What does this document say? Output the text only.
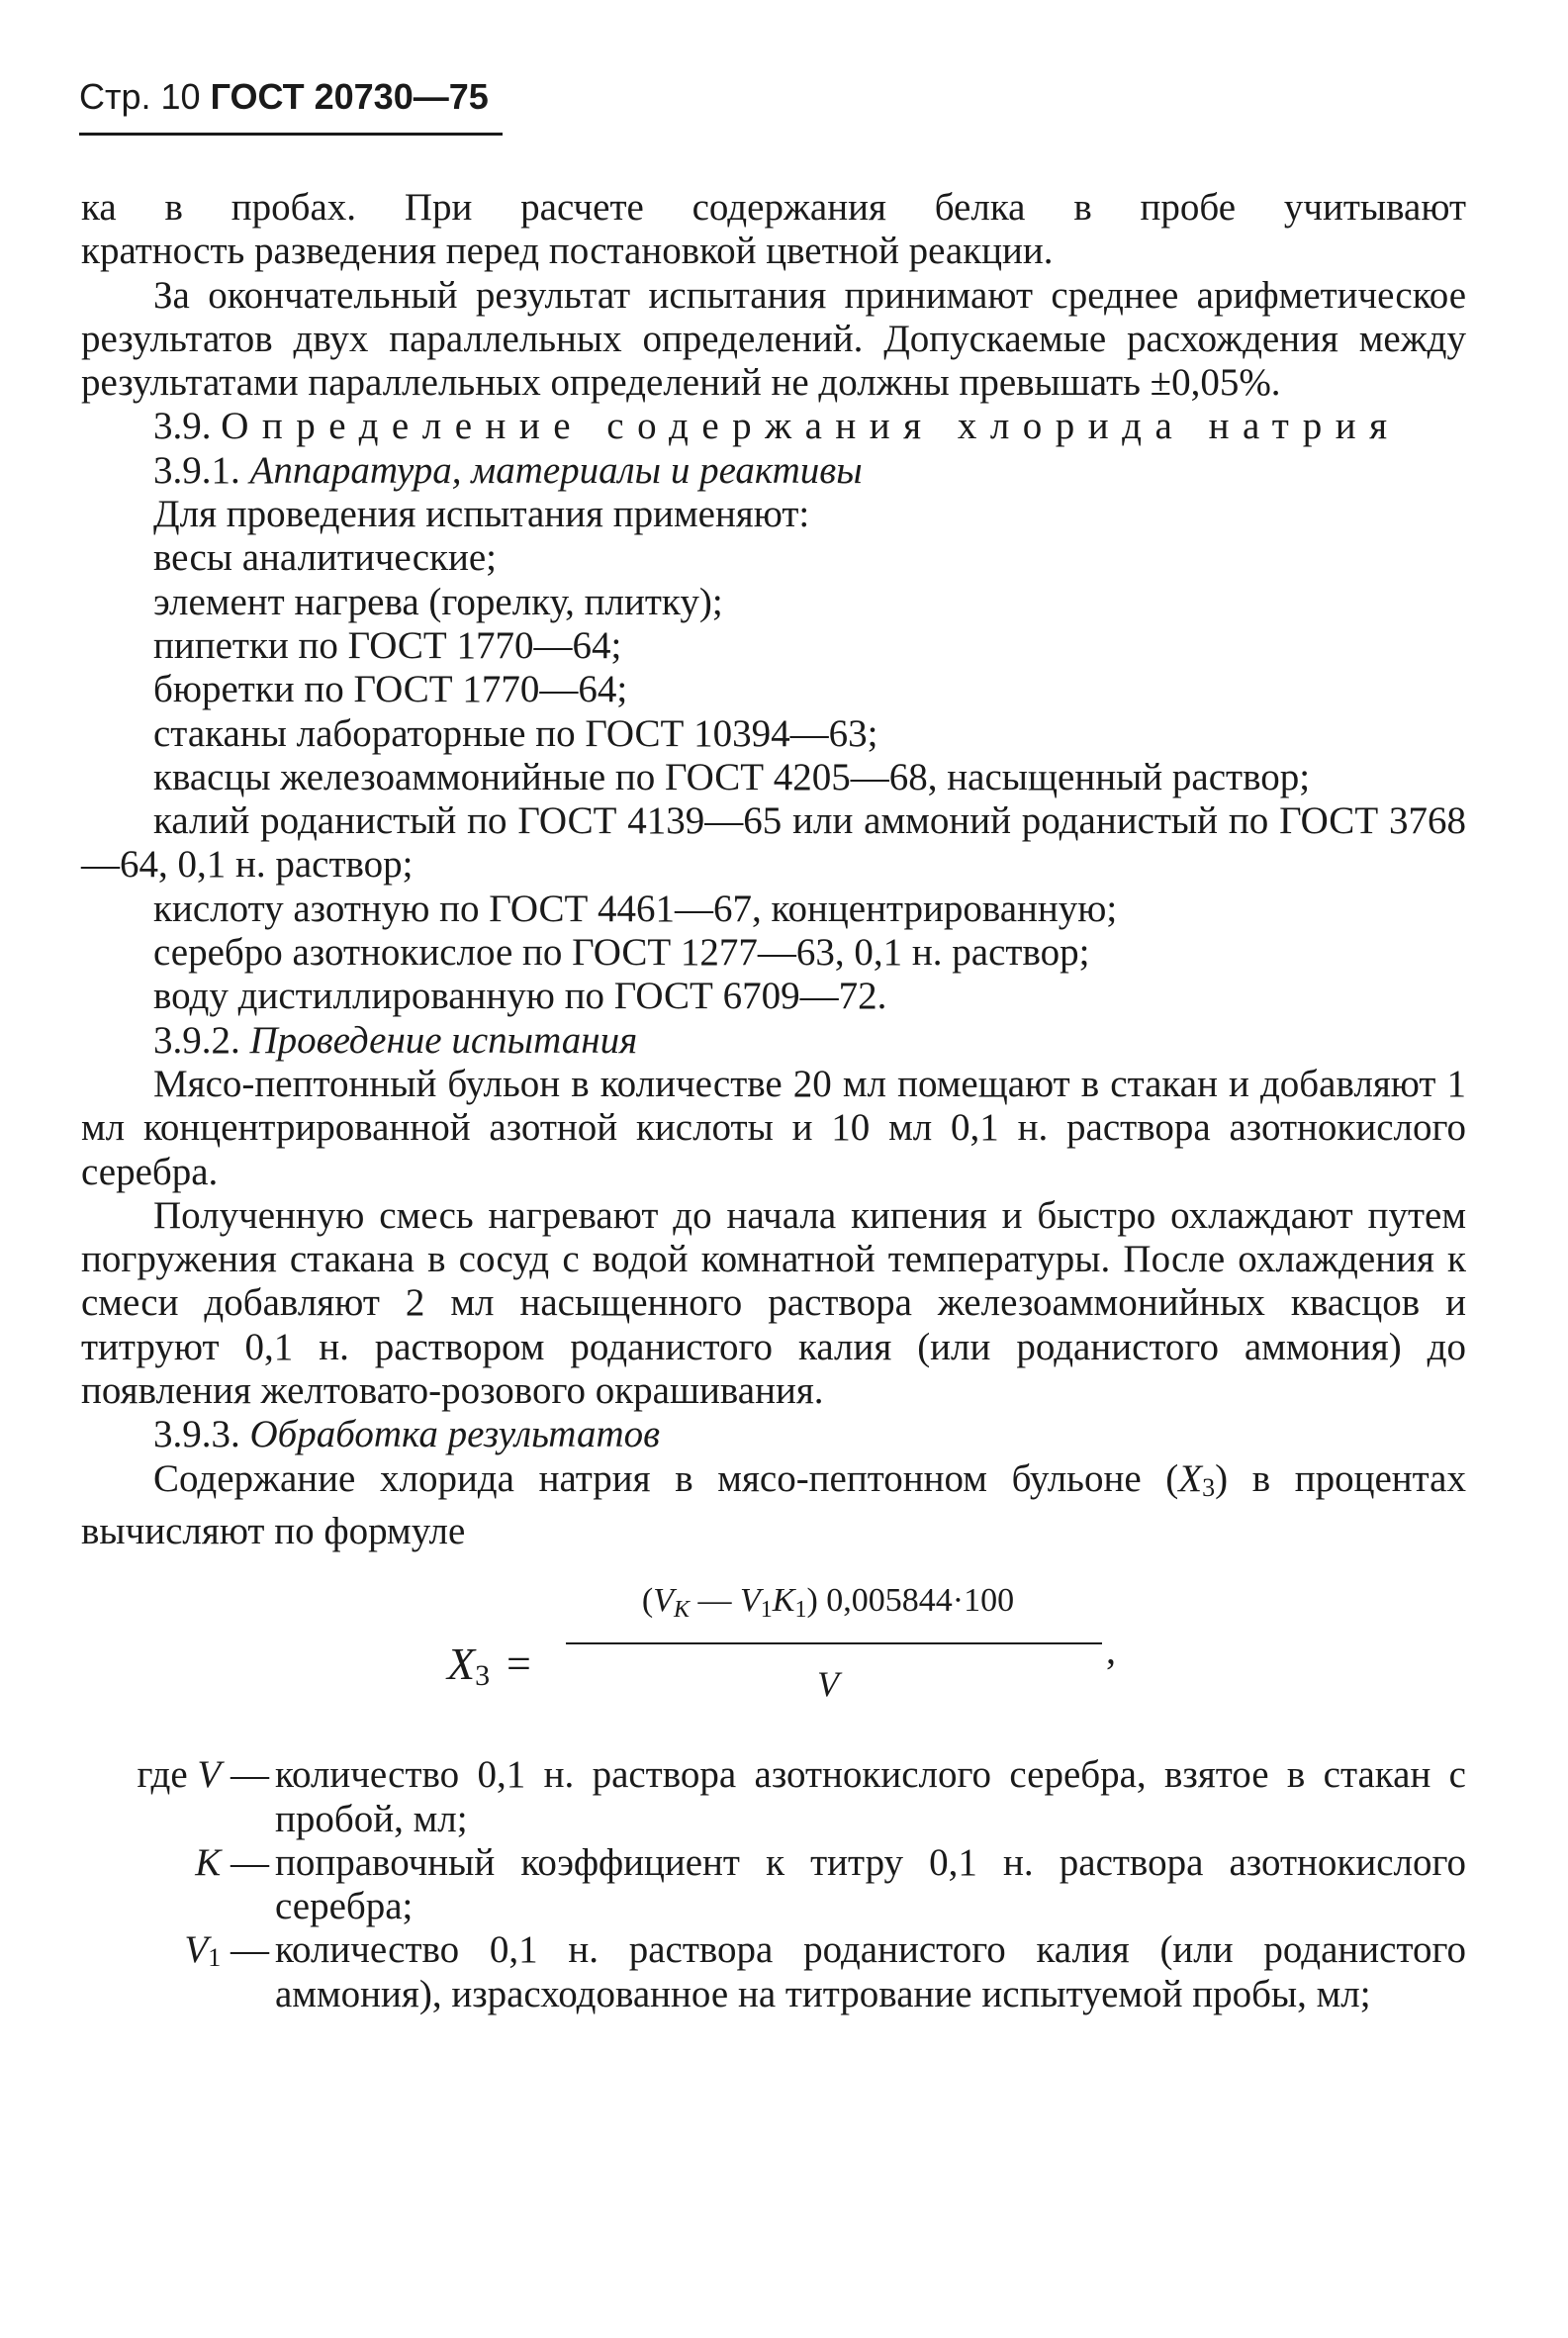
Стр. 10 ГОСТ 20730—75

ка в пробах. При расчете содержания белка в пробе учитывают

кратность разведения перед постановкой цветной реакции.

За окончательный результат испытания принимают среднее арифметическое результатов двух параллельных определений. Допускаемые расхождения между результатами параллельных определений не должны превышать ±0,05%.

3.9. Определение содержания хлорида натрия

3.9.1. Аппаратура, материалы и реактивы

Для проведения испытания применяют:

весы аналитические;

элемент нагрева (горелку, плитку);

пипетки по ГОСТ 1770—64;

бюретки по ГОСТ 1770—64;

стаканы лабораторные по ГОСТ 10394—63;

квасцы железоаммонийные по ГОСТ 4205—68, насыщенный раствор;

калий роданистый по ГОСТ 4139—65 или аммоний роданистый по ГОСТ 3768—64, 0,1 н. раствор;

кислоту азотную по ГОСТ 4461—67, концентрированную;

серебро азотнокислое по ГОСТ 1277—63, 0,1 н. раствор;

воду дистиллированную по ГОСТ 6709—72.

3.9.2. Проведение испытания

Мясо-пептонный бульон в количестве 20 мл помещают в стакан и добавляют 1 мл концентрированной азотной кислоты и 10 мл 0,1 н. раствора азотнокислого серебра.

Полученную смесь нагревают до начала кипения и быстро охлаждают путем погружения стакана в сосуд с водой комнатной температуры. После охлаждения к смеси добавляют 2 мл насыщенного раствора железоаммонийных квасцов и титруют 0,1 н. раствором роданистого калия (или роданистого аммония) до появления желтовато-розового окрашивания.

3.9.3. Обработка результатов

Содержание хлорида натрия в мясо-пептонном бульоне (X3) в процентах вычисляют по формуле

$X_3$ =
($V_K$ — $V_1K_1$) 0,005844·100
V
,
где V — количество 0,1 н. раствора азотнокислого серебра, взятое в стакан с пробой, мл;
K — поправочный коэффициент к титру 0,1 н. раствора азотнокислого серебра;
V1 — количество 0,1 н. раствора роданистого калия (или роданистого аммония), израсходованное на титрование испытуемой пробы, мл;
